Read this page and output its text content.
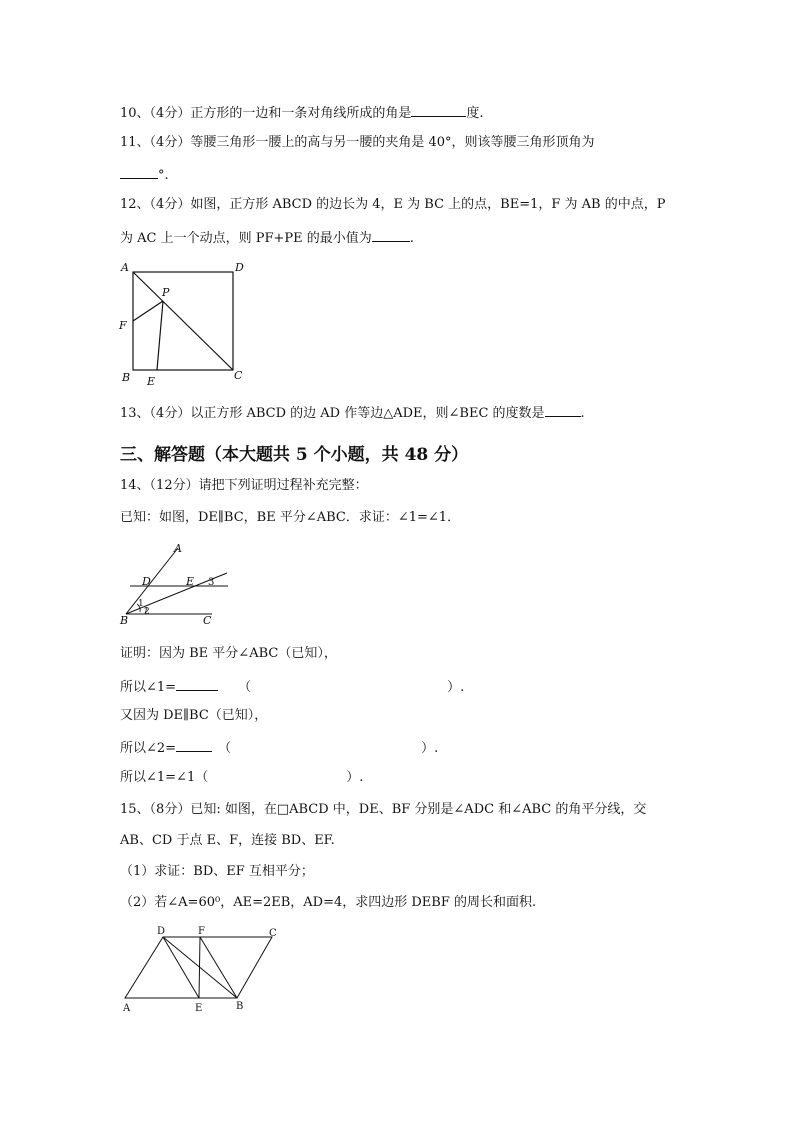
10、（4分）正方形的一边和一条对角线所成的角是	度.
11、（4分）等腰三角形一腰上的高与另一腰的夹角是 40°，则该等腰三角形顶角为
°.
12、（4分）如图，正方形 ABCD 的边长为 4，E 为 BC 上的点，BE=1，F 为 AB 的中点，P
为 AC 上一个动点，则 PF+PE 的最小值为	.
A	D
P
F
B E	C
13、（4分）以正方形 ABCD 的边 AD 作等边△ADE，则∠BEC 的度数是	.
三、解答题（本大题共 5 个小题，共 48 分）
14、（12分）请把下列证明过程补充完整：
已知：如图，DE∥BC，BE 平分∠ABC．求证：∠1=∠1．
A
D	E 3
1
2
B	C
证明：因为 BE 平分∠ABC（已知），
所以∠1=	（	）.
又因为 DE∥BC（已知），
所以∠2=	（	）.
所以∠1=∠1（	）.
15、（8分）已知: 如图，在□ABCD 中，DE、BF 分别是∠ADC 和∠ABC 的角平分线，交
AB、CD 于点 E、F，连接 BD、EF.
（1）求证：BD、EF 互相平分；
（2）若∠A=60⁰，AE=2EB，AD=4，求四边形 DEBF 的周长和面积.
D	F	C
A	E	B
